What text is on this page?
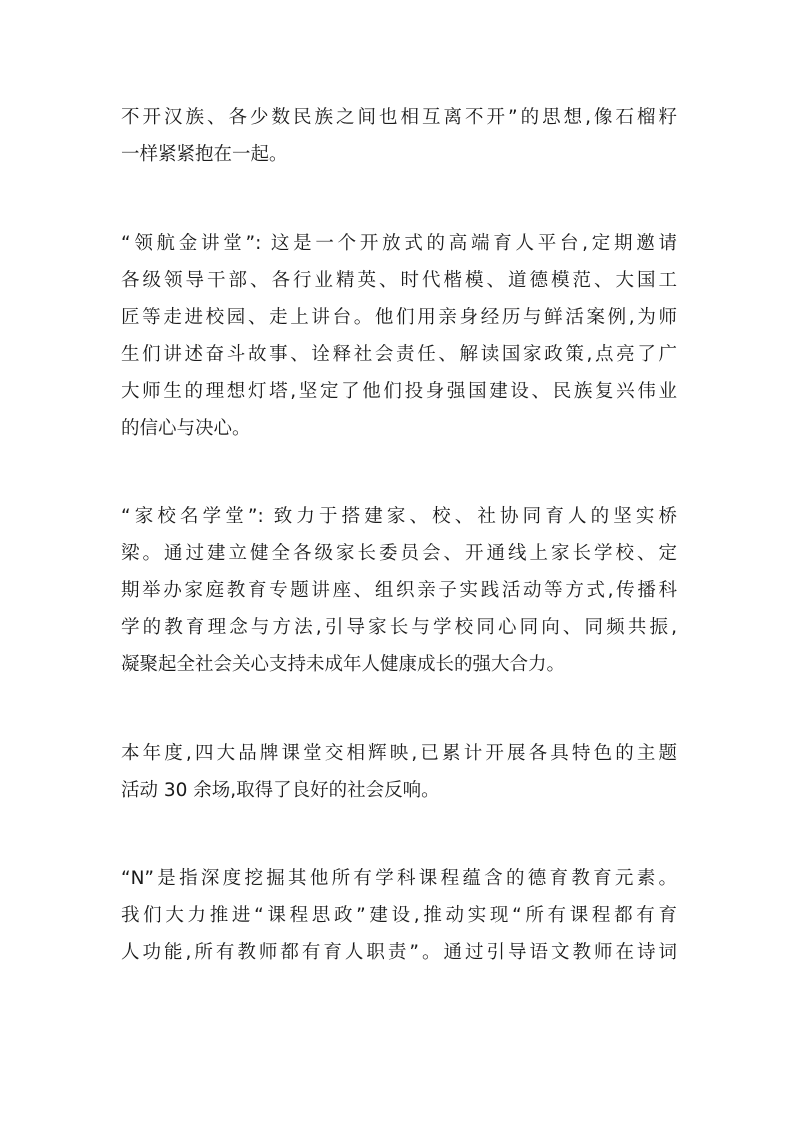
不开汉族、各少数民族之间也相互离不开”的思想,像石榴籽
一样紧紧抱在一起。
“领航金讲堂”: 这是一个开放式的高端育人平台,定期邀请
各级领导干部、各行业精英、时代楷模、道德模范、大国工
匠等走进校园、走上讲台。他们用亲身经历与鲜活案例,为师
生们讲述奋斗故事、诠释社会责任、解读国家政策,点亮了广
大师生的理想灯塔,坚定了他们投身强国建设、民族复兴伟业
的信心与决心。
“家校名学堂”: 致力于搭建家、校、社协同育人的坚实桥
梁。通过建立健全各级家长委员会、开通线上家长学校、定
期举办家庭教育专题讲座、组织亲子实践活动等方式,传播科
学的教育理念与方法,引导家长与学校同心同向、同频共振,
凝聚起全社会关心支持未成年人健康成长的强大合力。
本年度,四大品牌课堂交相辉映,已累计开展各具特色的主题
活动 30 余场,取得了良好的社会反响。
“N”是指深度挖掘其他所有学科课程蕴含的德育教育元素。
我们大力推进“课程思政”建设,推动实现“所有课程都有育
人功能,所有教师都有育人职责”。通过引导语文教师在诗词
